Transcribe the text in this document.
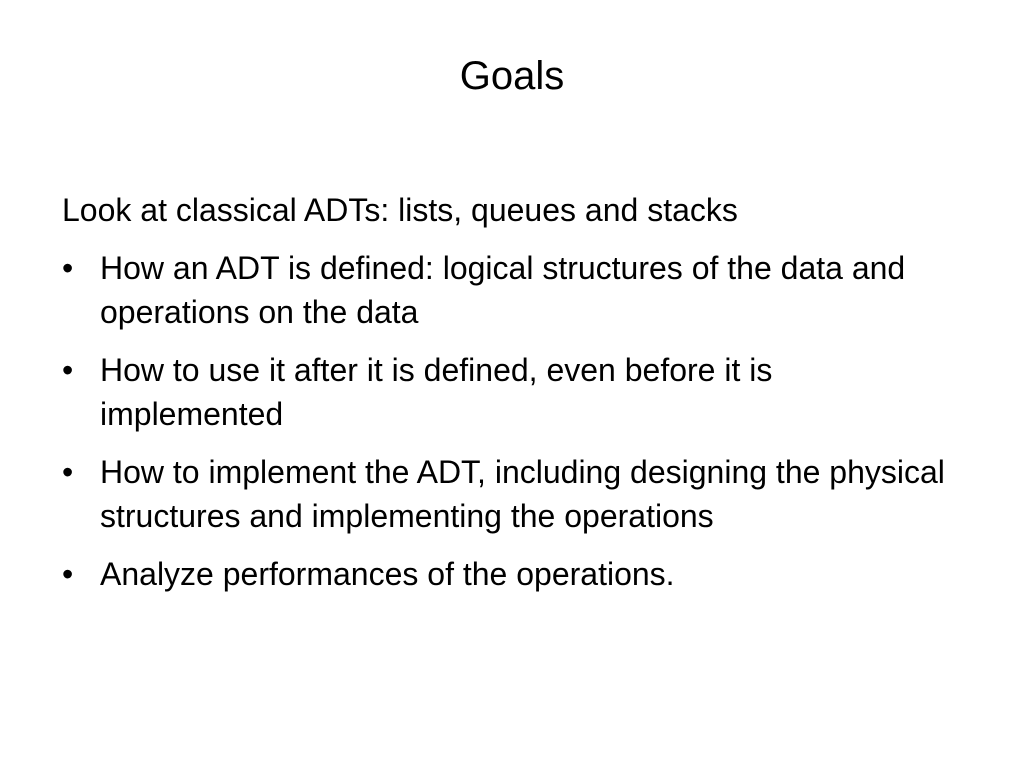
Goals

Look at classical ADTs: lists, queues and stacks

• How an ADT is defined: logical structures of the data and operations on the data
• How to use it after it is defined, even before it is implemented
• How to implement the ADT, including designing the physical structures and implementing the operations
• Analyze performances of the operations.
